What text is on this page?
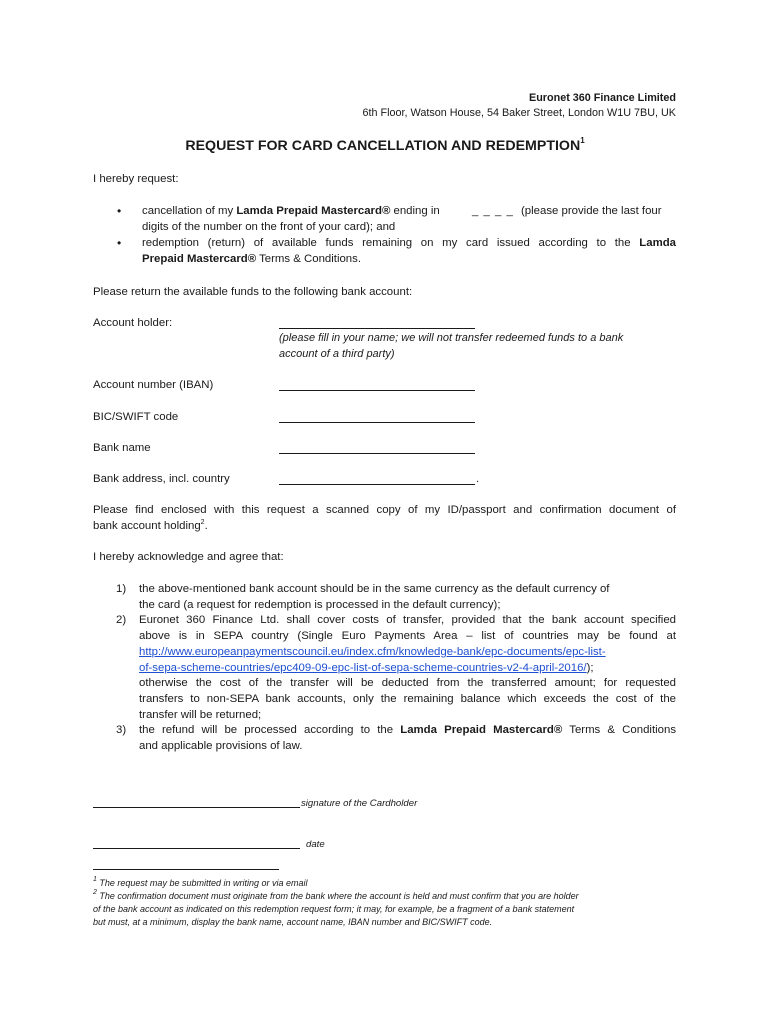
Euronet 360 Finance Limited
6th Floor, Watson House, 54 Baker Street, London W1U 7BU, UK
REQUEST FOR CARD CANCELLATION AND REDEMPTION$^1$
I hereby request:
• cancellation of my Lamda Prepaid Mastercard® ending in	_ _ _ _ (please provide the last four
digits of the number on the front of your card); and
• redemption (return) of available funds remaining on my card issued according to the Lamda
Prepaid Mastercard® Terms & Conditions.
Please return the available funds to the following bank account:
Account holder:
(please fill in your name; we will not transfer redeemed funds to a bank
account of a third party)
Account number (IBAN)
BIC/SWIFT code
Bank name
Bank address, incl. country	.
Please find enclosed with this request a scanned copy of my ID/passport and confirmation document of
bank account holding$^2$.
I hereby acknowledge and agree that:
1) the above-mentioned bank account should be in the same currency as the default currency of
the card (a request for redemption is processed in the default currency);
2) Euronet 360 Finance Ltd. shall cover costs of transfer, provided that the bank account specified
above is in SEPA country (Single Euro Payments Area – list of countries may be found at
http://www.europeanpaymentscouncil.eu/index.cfm/knowledge-bank/epc-documents/epc-list-
of-sepa-scheme-countries/epc409-09-epc-list-of-sepa-scheme-countries-v2-4-april-2016/);
otherwise the cost of the transfer will be deducted from the transferred amount; for requested
transfers to non-SEPA bank accounts, only the remaining balance which exceeds the cost of the
transfer will be returned;
3) the refund will be processed according to the Lamda Prepaid Mastercard® Terms & Conditions
and applicable provisions of law.
signature of the Cardholder
date
$^1$ The request may be submitted in writing or via email
$^2$ The confirmation document must originate from the bank where the account is held and must confirm that you are holder
of the bank account as indicated on this redemption request form; it may, for example, be a fragment of a bank statement
but must, at a minimum, display the bank name, account name, IBAN number and BIC/SWIFT code.
